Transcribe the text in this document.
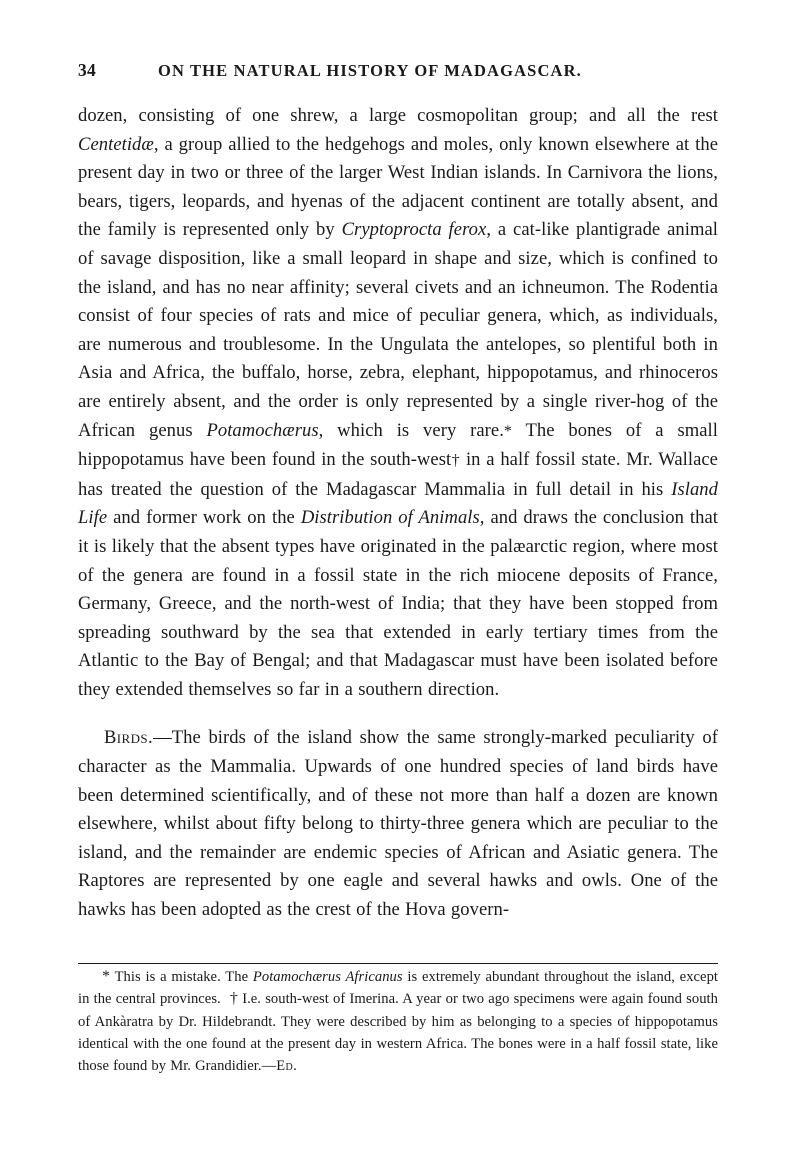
34	ON THE NATURAL HISTORY OF MADAGASCAR.

dozen, consisting of one shrew, a large cosmopolitan group; and all the rest Centetidæ, a group allied to the hedgehogs and moles, only known elsewhere at the present day in two or three of the larger West Indian islands. In Carnivora the lions, bears, tigers, leopards, and hyenas of the adjacent continent are totally absent, and the family is represented only by Cryptoprocta ferox, a cat-like plantigrade animal of savage disposition, like a small leopard in shape and size, which is confined to the island, and has no near affinity; several civets and an ichneumon. The Rodentia consist of four species of rats and mice of peculiar genera, which, as individuals, are numerous and troublesome. In the Ungulata the antelopes, so plentiful both in Asia and Africa, the buffalo, horse, zebra, elephant, hippopotamus, and rhinoceros are entirely absent, and the order is only represented by a single river-hog of the African genus Potamochærus, which is very rare.* The bones of a small hippopotamus have been found in the south-west† in a half fossil state. Mr. Wallace has treated the question of the Madagascar Mammalia in full detail in his Island Life and former work on the Distribution of Animals, and draws the conclusion that it is likely that the absent types have originated in the palæarctic region, where most of the genera are found in a fossil state in the rich miocene deposits of France, Germany, Greece, and the north-west of India; that they have been stopped from spreading southward by the sea that extended in early tertiary times from the Atlantic to the Bay of Bengal; and that Madagascar must have been isolated before they extended themselves so far in a southern direction.

Birds.—The birds of the island show the same strongly-marked peculiarity of character as the Mammalia. Upwards of one hundred species of land birds have been determined scientifically, and of these not more than half a dozen are known elsewhere, whilst about fifty belong to thirty-three genera which are peculiar to the island, and the remainder are endemic species of African and Asiatic genera. The Raptores are represented by one eagle and several hawks and owls. One of the hawks has been adopted as the crest of the Hova govern-

* This is a mistake. The Potamochærus Africanus is extremely abundant throughout the island, except in the central provinces. † I.e. south-west of Imerina. A year or two ago specimens were again found south of Ankàratra by Dr. Hildebrandt. They were described by him as belonging to a species of hippopotamus identical with the one found at the present day in western Africa. The bones were in a half fossil state, like those found by Mr. Grandidier.—Ed.
